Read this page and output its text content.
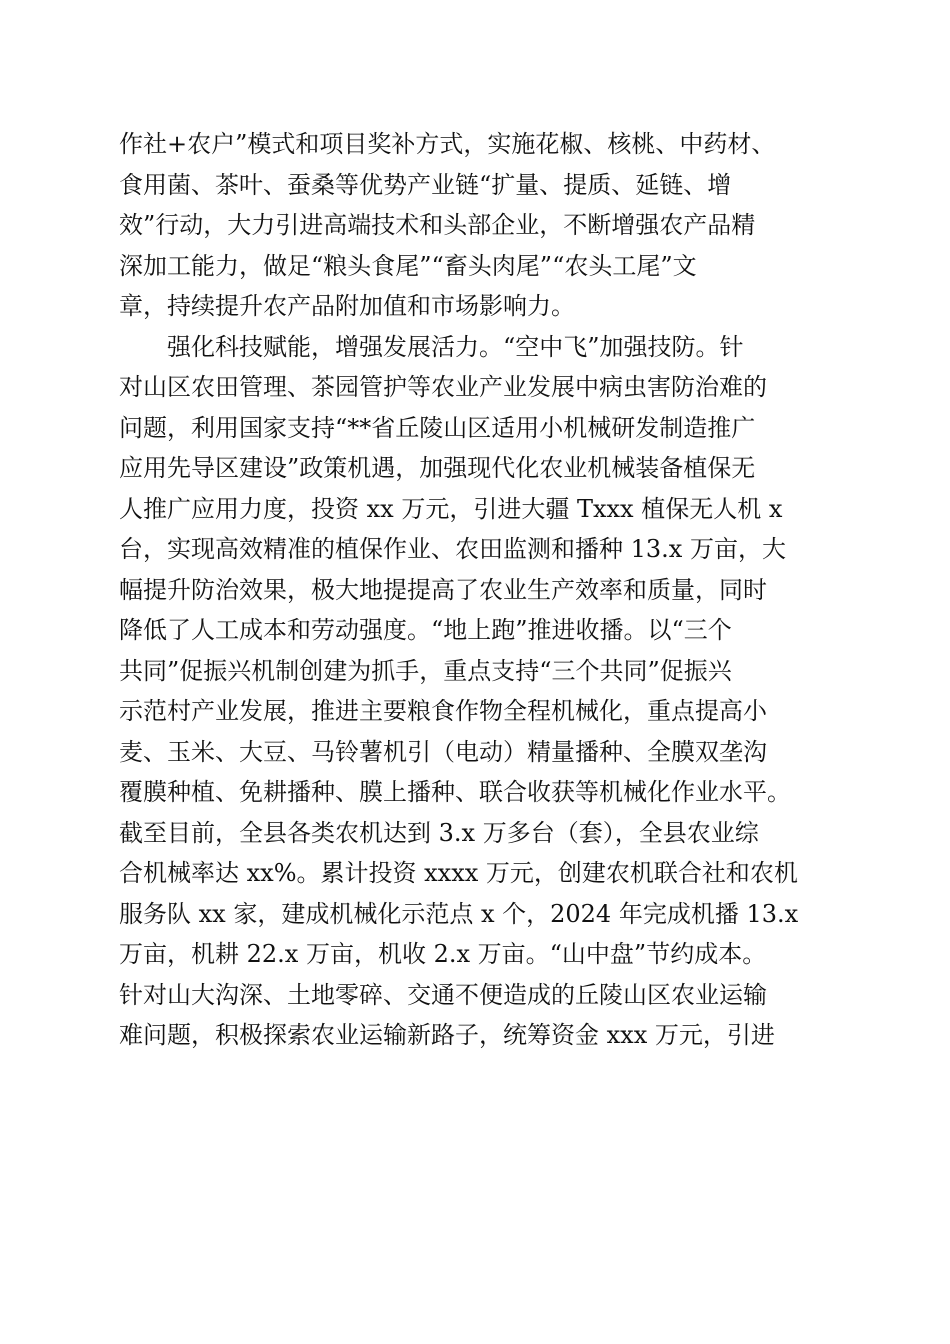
作社+农户”模式和项目奖补方式，实施花椒、核桃、中药材、
食用菌、茶叶、蚕桑等优势产业链“扩量、提质、延链、增
效”行动，大力引进高端技术和头部企业，不断增强农产品精
深加工能力，做足“粮头食尾”“畜头肉尾”“农头工尾”文
章，持续提升农产品附加值和市场影响力。

强化科技赋能，增强发展活力。“空中飞”加强技防。针
对山区农田管理、茶园管护等农业产业发展中病虫害防治难的
问题，利用国家支持“**省丘陵山区适用小机械研发制造推广
应用先导区建设”政策机遇，加强现代化农业机械装备植保无
人推广应用力度，投资 xx 万元，引进大疆 Txxx 植保无人机 x
台，实现高效精准的植保作业、农田监测和播种 13.x 万亩，大
幅提升防治效果，极大地提提高了农业生产效率和质量，同时
降低了人工成本和劳动强度。“地上跑”推进收播。以“三个
共同”促振兴机制创建为抓手，重点支持“三个共同”促振兴
示范村产业发展，推进主要粮食作物全程机械化，重点提高小
麦、玉米、大豆、马铃薯机引（电动）精量播种、全膜双垄沟
覆膜种植、免耕播种、膜上播种、联合收获等机械化作业水平。
截至目前，全县各类农机达到 3.x 万多台（套），全县农业综
合机械率达 xx%。累计投资 xxxx 万元，创建农机联合社和农机
服务队 xx 家，建成机械化示范点 x 个，2024 年完成机播 13.x
万亩，机耕 22.x 万亩，机收 2.x 万亩。“山中盘”节约成本。
针对山大沟深、土地零碎、交通不便造成的丘陵山区农业运输
难问题，积极探索农业运输新路子，统筹资金 xxx 万元，引进
